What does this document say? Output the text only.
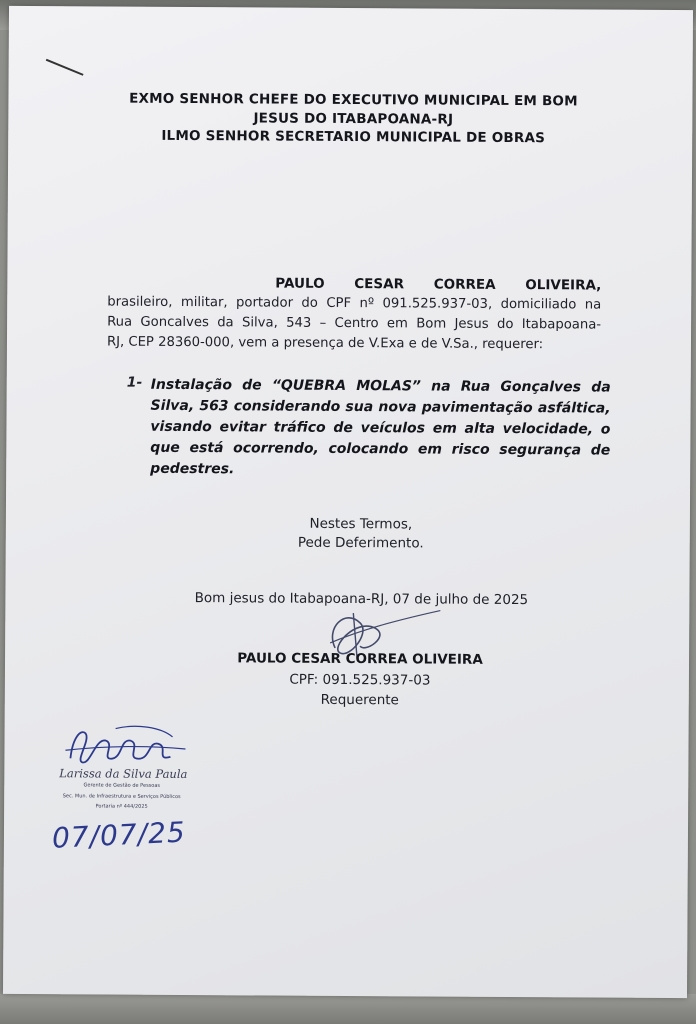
EXMO SENHOR CHEFE DO EXECUTIVO MUNICIPAL EM BOM
JESUS DO ITABAPOANA-RJ
ILMO SENHOR SECRETARIO MUNICIPAL DE OBRAS
PAULO CESAR CORREA OLIVEIRA,
brasileiro, militar, portador do CPF nº 091.525.937-03, domiciliado na
Rua Goncalves da Silva, 543 – Centro em Bom Jesus do Itabapoana-
RJ, CEP 28360-000, vem a presença de V.Exa e de V.Sa., requerer:
1- Instalação de “QUEBRA MOLAS” na Rua Gonçalves da
Silva, 563 considerando sua nova pavimentação asfáltica,
visando evitar tráfico de veículos em alta velocidade, o
que está ocorrendo, colocando em risco segurança de
pedestres.
Nestes Termos,
Pede Deferimento.
Bom jesus do Itabapoana-RJ, 07 de julho de 2025
PAULO CESAR CORREA OLIVEIRA
CPF: 091.525.937-03
Requerente
Larissa da Silva Paula
Gerente de Gestão de Pessoas
Sec. Mun. de Infraestrutura e Serviços Públicos
Portaria nº 444/2025
07/07/25
